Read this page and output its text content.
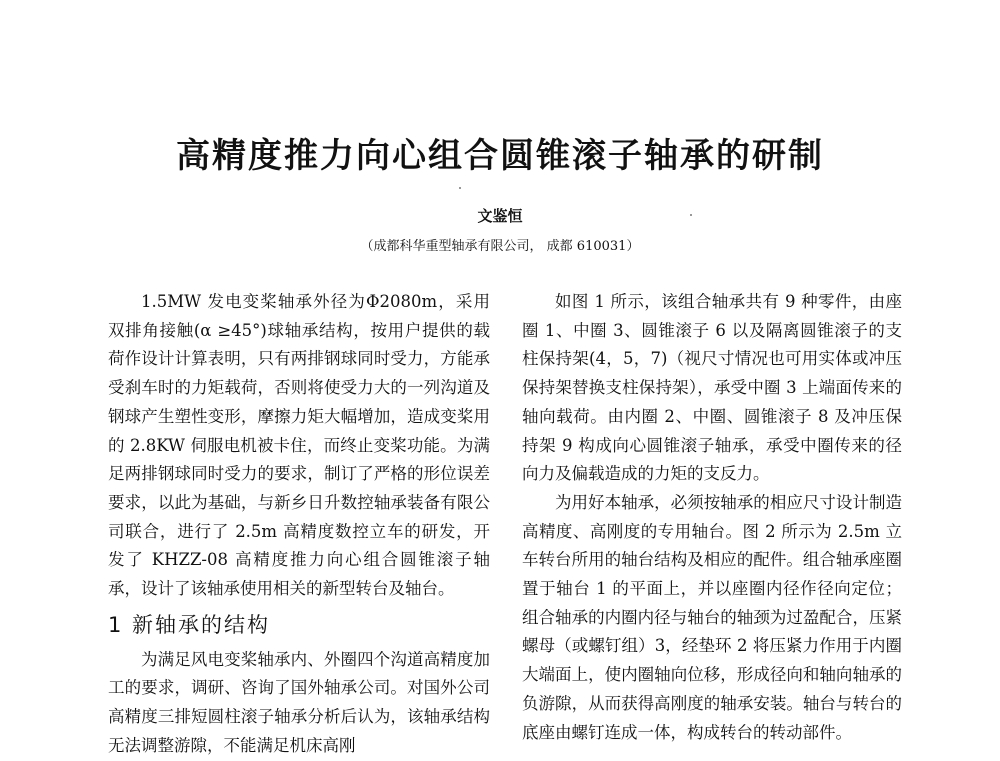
高精度推力向心组合圆锥滚子轴承的研制
文鉴恒
（成都科华重型轴承有限公司， 成都 610031）

1.5MW 发电变桨轴承外径为Φ2080m，采用双排角接触(α ≥45°)球轴承结构，按用户提供的载荷作设计计算表明，只有两排钢球同时受力，方能承受刹车时的力矩载荷，否则将使受力大的一列沟道及钢球产生塑性变形，摩擦力矩大幅增加，造成变桨用的 2.8KW 伺服电机被卡住，而终止变桨功能。为满足两排钢球同时受力的要求，制订了严格的形位误差要求，以此为基础，与新乡日升数控轴承装备有限公司联合，进行了 2.5m 高精度数控立车的研发，开发了 KHZZ-08 高精度推力向心组合圆锥滚子轴承，设计了该轴承使用相关的新型转台及轴台。

1 新轴承的结构

为满足风电变桨轴承内、外圈四个沟道高精度加工的要求，调研、咨询了国外轴承公司。对国外公司高精度三排短圆柱滚子轴承分析后认为，该轴承结构无法调整游隙，不能满足机床高刚

如图 1 所示，该组合轴承共有 9 种零件，由座圈 1、中圈 3、圆锥滚子 6 以及隔离圆锥滚子的支柱保持架(4，5，7)（视尺寸情况也可用实体或冲压保持架替换支柱保持架），承受中圈 3 上端面传来的轴向载荷。由内圈 2、中圈、圆锥滚子 8 及冲压保持架 9 构成向心圆锥滚子轴承，承受中圈传来的径向力及偏载造成的力矩的支反力。

为用好本轴承，必须按轴承的相应尺寸设计制造高精度、高刚度的专用轴台。图 2 所示为 2.5m 立车转台所用的轴台结构及相应的配件。组合轴承座圈置于轴台 1 的平面上，并以座圈内径作径向定位；组合轴承的内圈内径与轴台的轴颈为过盈配合，压紧螺母（或螺钉组）3，经垫环 2 将压紧力作用于内圈大端面上，使内圈轴向位移，形成径向和轴向轴承的负游隙，从而获得高刚度的轴承安装。轴台与转台的底座由螺钉连成一体，构成转台的转动部件。
